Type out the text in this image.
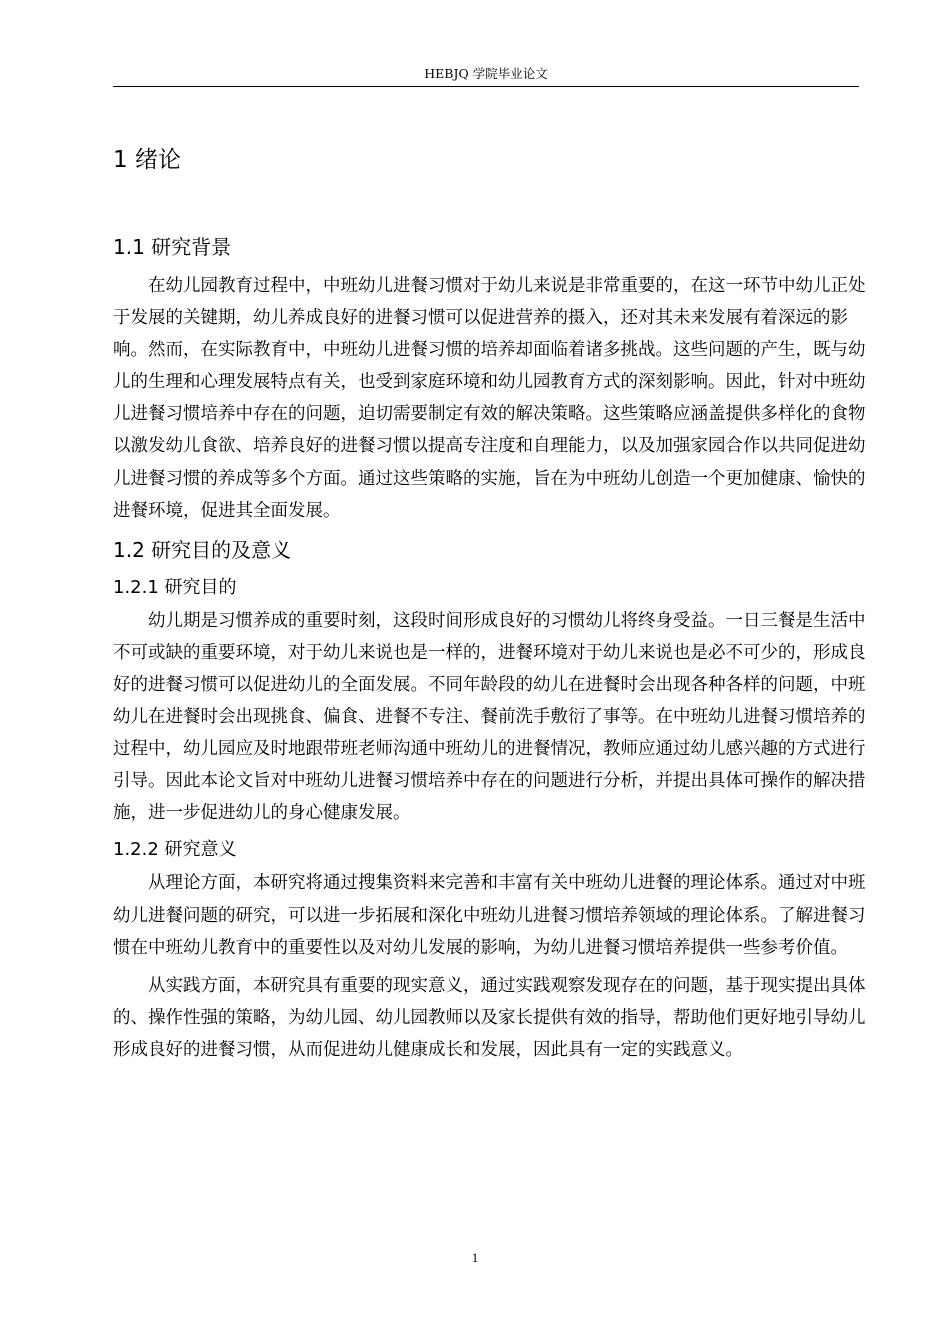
HEBJQ 学院毕业论文
1 绪论
1.1 研究背景

在幼儿园教育过程中，中班幼儿进餐习惯对于幼儿来说是非常重要的，在这一环节中幼儿正处于发展的关键期，幼儿养成良好的进餐习惯可以促进营养的摄入，还对其未来发展有着深远的影响。然而，在实际教育中，中班幼儿进餐习惯的培养却面临着诸多挑战。这些问题的产生，既与幼儿的生理和心理发展特点有关，也受到家庭环境和幼儿园教育方式的深刻影响。因此，针对中班幼儿进餐习惯培养中存在的问题，迫切需要制定有效的解决策略。这些策略应涵盖提供多样化的食物以激发幼儿食欲、培养良好的进餐习惯以提高专注度和自理能力，以及加强家园合作以共同促进幼儿进餐习惯的养成等多个方面。通过这些策略的实施，旨在为中班幼儿创造一个更加健康、愉快的进餐环境，促进其全面发展。

1.2 研究目的及意义
1.2.1 研究目的

幼儿期是习惯养成的重要时刻，这段时间形成良好的习惯幼儿将终身受益。一日三餐是生活中不可或缺的重要环境，对于幼儿来说也是一样的，进餐环境对于幼儿来说也是必不可少的，形成良好的进餐习惯可以促进幼儿的全面发展。不同年龄段的幼儿在进餐时会出现各种各样的问题，中班幼儿在进餐时会出现挑食、偏食、进餐不专注、餐前洗手敷衍了事等。在中班幼儿进餐习惯培养的过程中，幼儿园应及时地跟带班老师沟通中班幼儿的进餐情况，教师应通过幼儿感兴趣的方式进行引导。因此本论文旨对中班幼儿进餐习惯培养中存在的问题进行分析，并提出具体可操作的解决措施，进一步促进幼儿的身心健康发展。

1.2.2 研究意义

从理论方面，本研究将通过搜集资料来完善和丰富有关中班幼儿进餐的理论体系。通过对中班幼儿进餐问题的研究，可以进一步拓展和深化中班幼儿进餐习惯培养领域的理论体系。了解进餐习惯在中班幼儿教育中的重要性以及对幼儿发展的影响，为幼儿进餐习惯培养提供一些参考价值。

从实践方面，本研究具有重要的现实意义，通过实践观察发现存在的问题，基于现实提出具体的、操作性强的策略，为幼儿园、幼儿园教师以及家长提供有效的指导，帮助他们更好地引导幼儿形成良好的进餐习惯，从而促进幼儿健康成长和发展，因此具有一定的实践意义。

1
